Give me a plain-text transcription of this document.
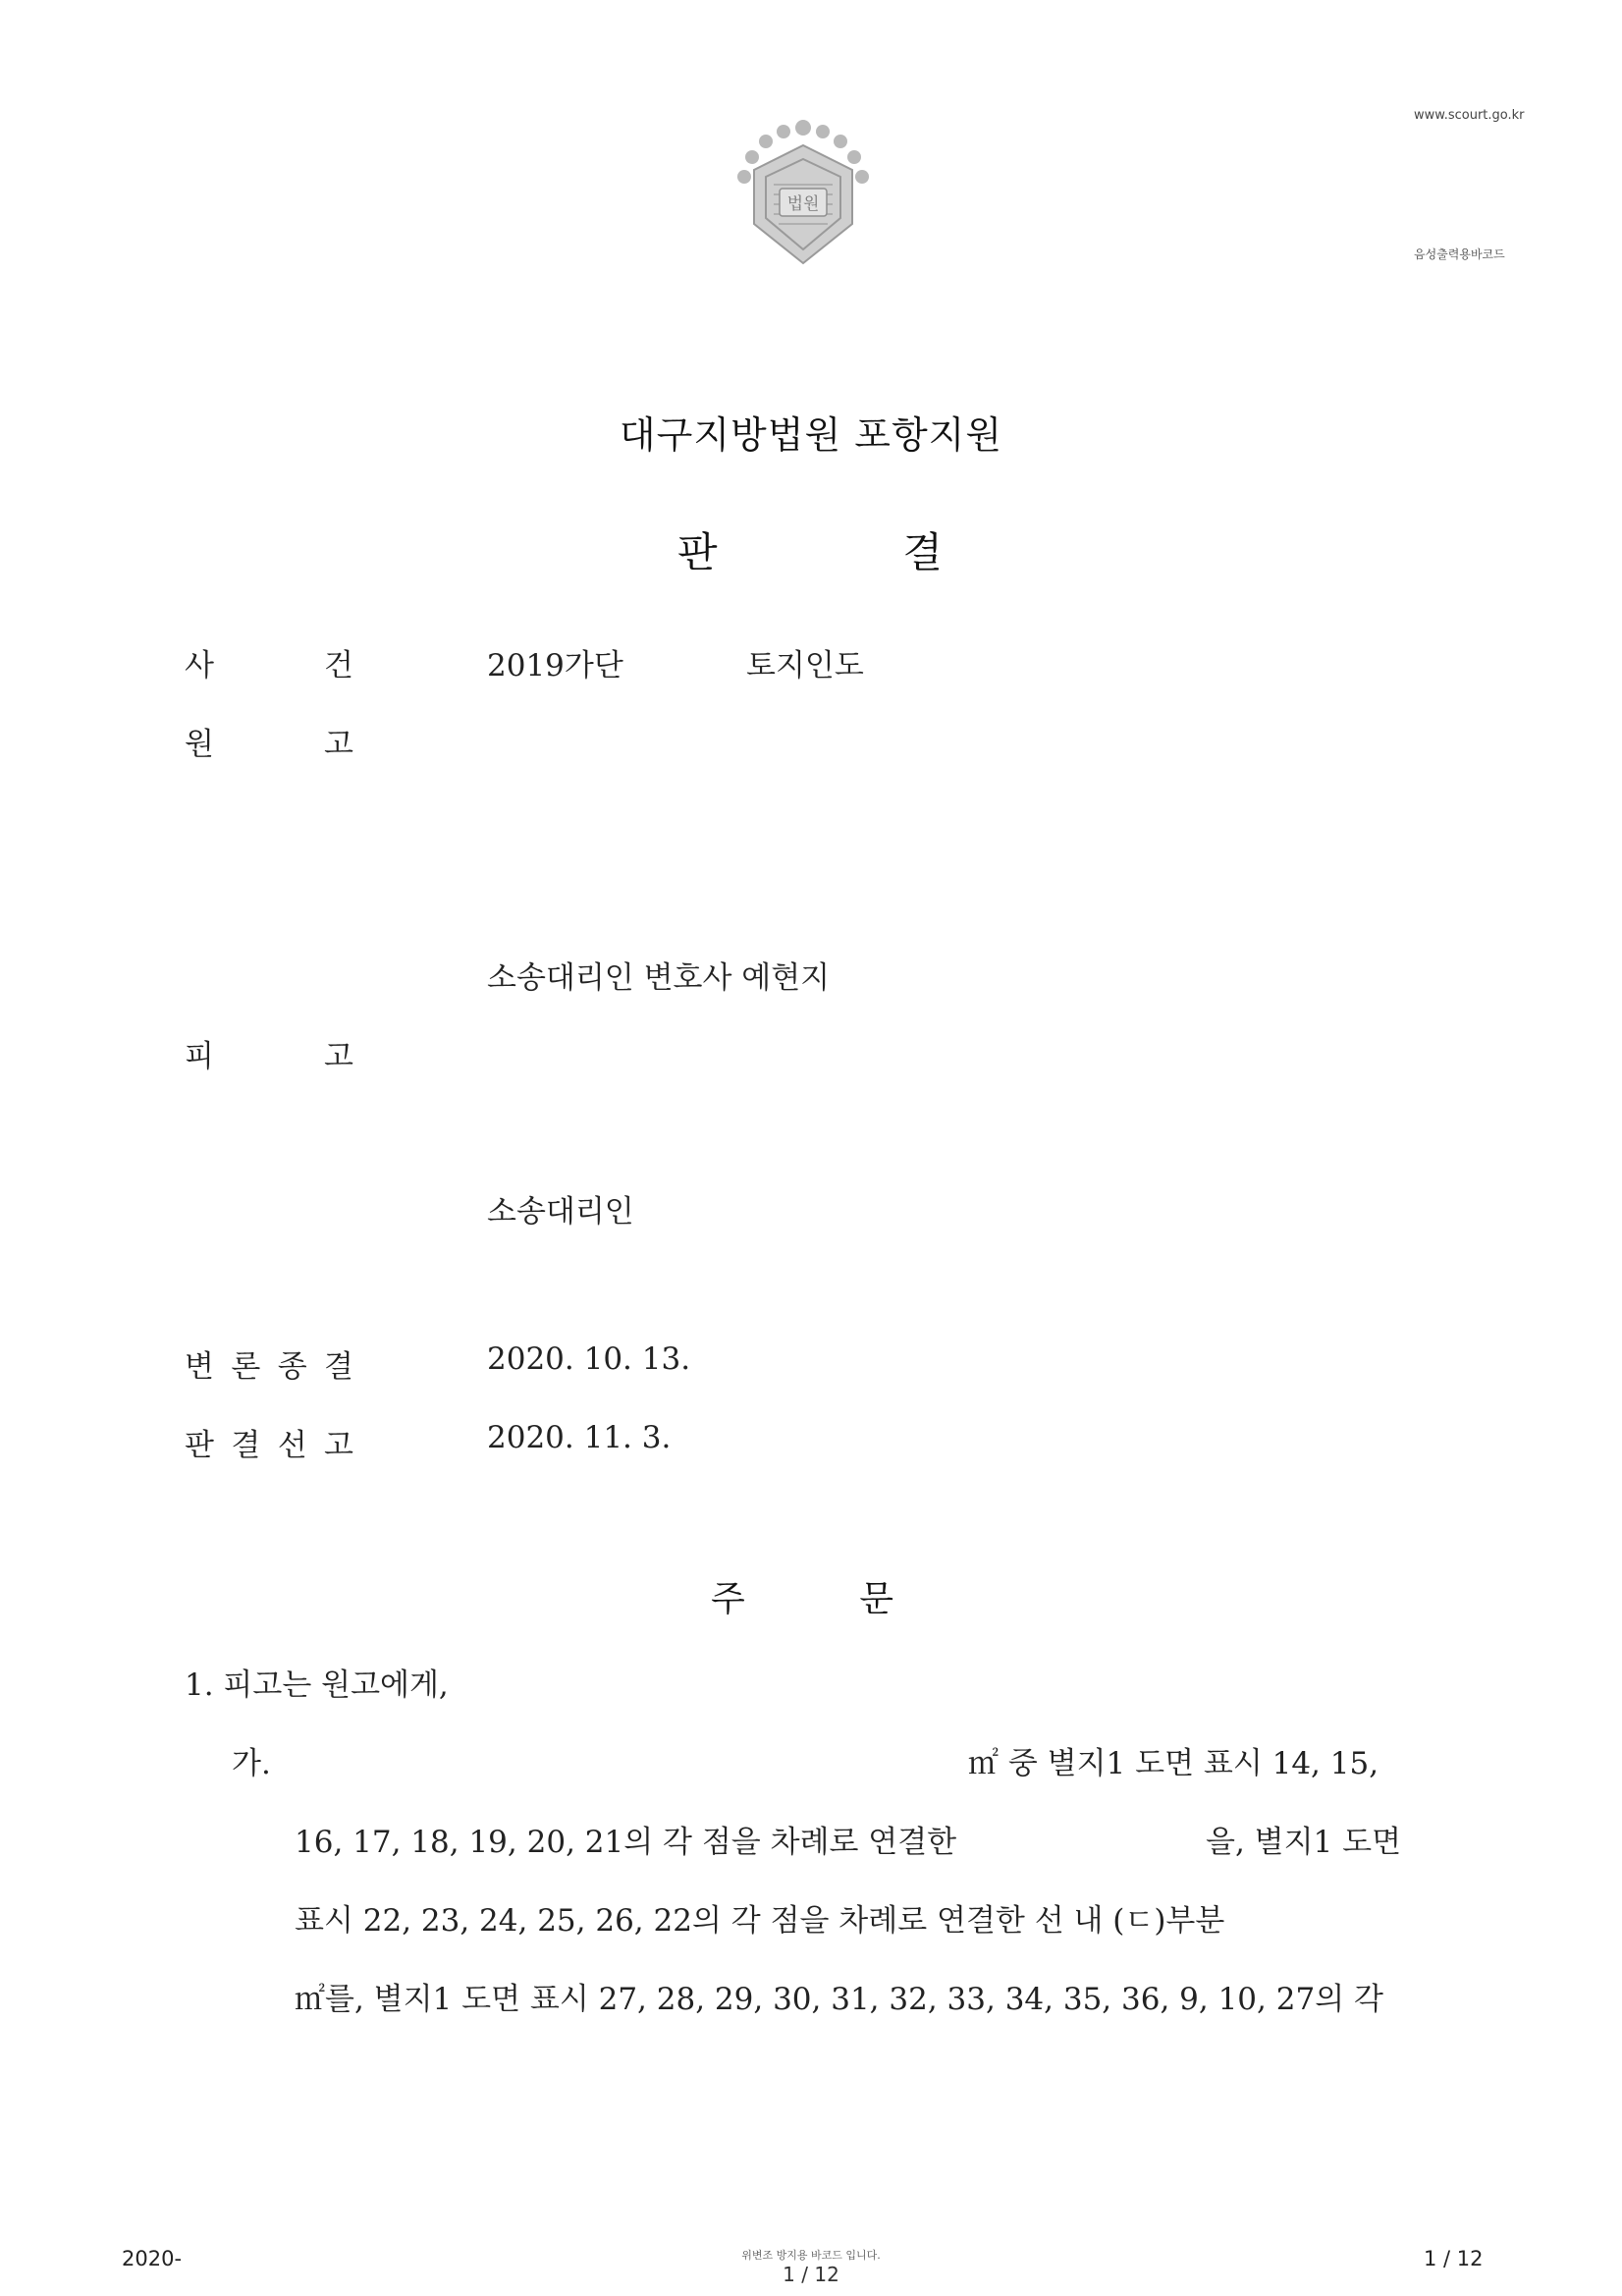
법원
www.scourt.go.kr
음성출력용바코드
대구지방법원 포항지원
판	결
사	건	2019가단	토지인도
원	고
소송대리인 변호사 예현지
피	고
소송대리인
변 론 종 결	2020. 10. 13.
판 결 선 고	2020. 11. 3.
주	문
1. 피고는 원고에게,
가.	㎡ 중 별지1 도면 표시 14, 15,
16, 17, 18, 19, 20, 21의 각 점을 차례로 연결한	을, 별지1 도면
표시 22, 23, 24, 25, 26, 22의 각 점을 차례로 연결한 선 내 (ㄷ)부분
㎡를, 별지1 도면 표시 27, 28, 29, 30, 31, 32, 33, 34, 35, 36, 9, 10, 27의 각
2020-	위변조 방지용 바코드 입니다.
1 / 12
1 / 12
